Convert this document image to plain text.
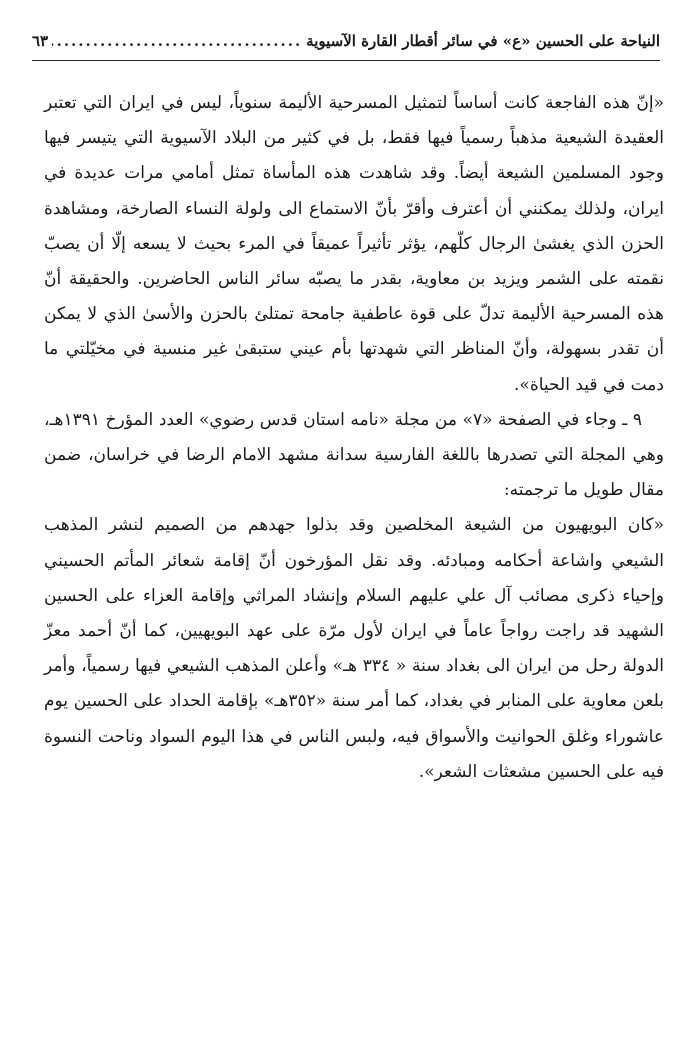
النياحة على الحسين «ع» في سائر أقطار القارة الآسيوية
.....
٦٣

«إنّ هذه الفاجعة كانت أساساً لتمثيل المسرحية الأليمة سنوياً، ليس في ايران التي تعتبر العقيدة الشيعية مذهباً رسمياً فيها فقط، بل في كثير من البلاد الآسيوية التي يتيسر فيها وجود المسلمين الشيعة أيضاً. وقد شاهدت هذه المأساة تمثل أمامي مرات عديدة في ايران، ولذلك يمكنني أن أعترف وأقرّ بأنّ الاستماع الى ولولة النساء الصارخة، ومشاهدة الحزن الذي يغشىٰ الرجال كلّهم، يؤثر تأثيراً عميقاً في المرء بحيث لا يسعه إلّا أن يصبّ نقمته على الشمر ويزيد بن معاوية، بقدر ما يصبّه سائر الناس الحاضرين. والحقيقة أنّ هذه المسرحية الأليمة تدلّ على قوة عاطفية جامحة تمتلئ بالحزن والأسىٰ الذي لا يمكن أن تقدر بسهولة، وأنّ المناظر التي شهدتها بأم عيني ستبقىٰ غير منسية في مخيّلتي ما دمت في قيد الحياة».

٩ ـ وجاء في الصفحة «٧» من مجلة «نامه استان قدس رضوي» العدد المؤرخ ١٣٩١هـ، وهي المجلة التي تصدرها باللغة الفارسية سدانة مشهد الامام الرضا في خراسان، ضمن مقال طويل ما ترجمته:

«كان البويهيون من الشيعة المخلصين وقد بذلوا جهدهم من الصميم لنشر المذهب الشيعي واشاعة أحكامه ومبادئه. وقد نقل المؤرخون أنّ إقامة شعائر المأتم الحسيني وإحياء ذكرى مصائب آل علي عليهم السلام وإنشاد المراثي وإقامة العزاء على الحسين الشهيد قد راجت رواجاً عاماً في ايران لأول مرّة على عهد البويهيين، كما أنّ أحمد معزّ الدولة رحل من ايران الى بغداد سنة « ٣٣٤ هـ» وأعلن المذهب الشيعي فيها رسمياً، وأمر بلعن معاوية على المنابر في بغداد، كما أمر سنة «٣٥٢هـ» بإقامة الحداد على الحسين يوم عاشوراء وغلق الحوانيت والأسواق فيه، ولبس الناس في هذا اليوم السواد وناحت النسوة فيه على الحسين مشعثات الشعر».
